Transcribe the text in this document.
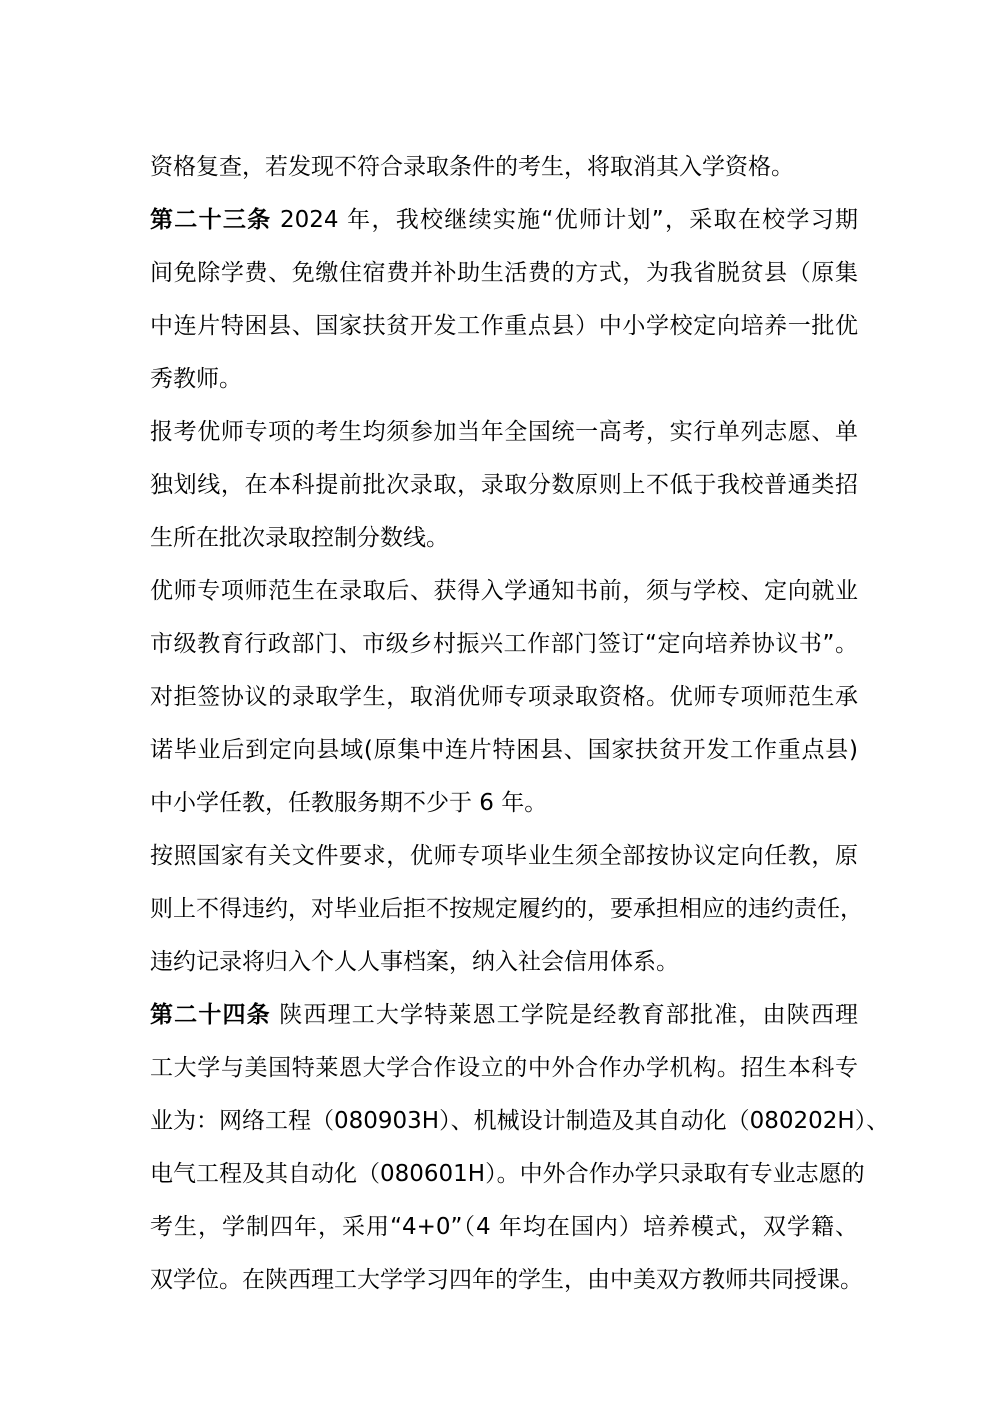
资格复查，若发现不符合录取条件的考生，将取消其入学资格。

第二十三条 2024 年，我校继续实施“优师计划”，采取在校学习期

间免除学费、免缴住宿费并补助生活费的方式，为我省脱贫县（原集

中连片特困县、国家扶贫开发工作重点县）中小学校定向培养一批优

秀教师。

报考优师专项的考生均须参加当年全国统一高考，实行单列志愿、单

独划线，在本科提前批次录取，录取分数原则上不低于我校普通类招

生所在批次录取控制分数线。

优师专项师范生在录取后、获得入学通知书前，须与学校、定向就业

市级教育行政部门、市级乡村振兴工作部门签订“定向培养协议书”。

对拒签协议的录取学生，取消优师专项录取资格。优师专项师范生承

诺毕业后到定向县域(原集中连片特困县、国家扶贫开发工作重点县)

中小学任教，任教服务期不少于 6 年。

按照国家有关文件要求，优师专项毕业生须全部按协议定向任教，原

则上不得违约，对毕业后拒不按规定履约的，要承担相应的违约责任，

违约记录将归入个人人事档案，纳入社会信用体系。

第二十四条 陕西理工大学特莱恩工学院是经教育部批准，由陕西理

工大学与美国特莱恩大学合作设立的中外合作办学机构。招生本科专

业为：网络工程（080903H）、机械设计制造及其自动化（080202H）、

电气工程及其自动化（080601H）。中外合作办学只录取有专业志愿的

考生，学制四年，采用“4+0”（4 年均在国内）培养模式，双学籍、

双学位。在陕西理工大学学习四年的学生，由中美双方教师共同授课。
